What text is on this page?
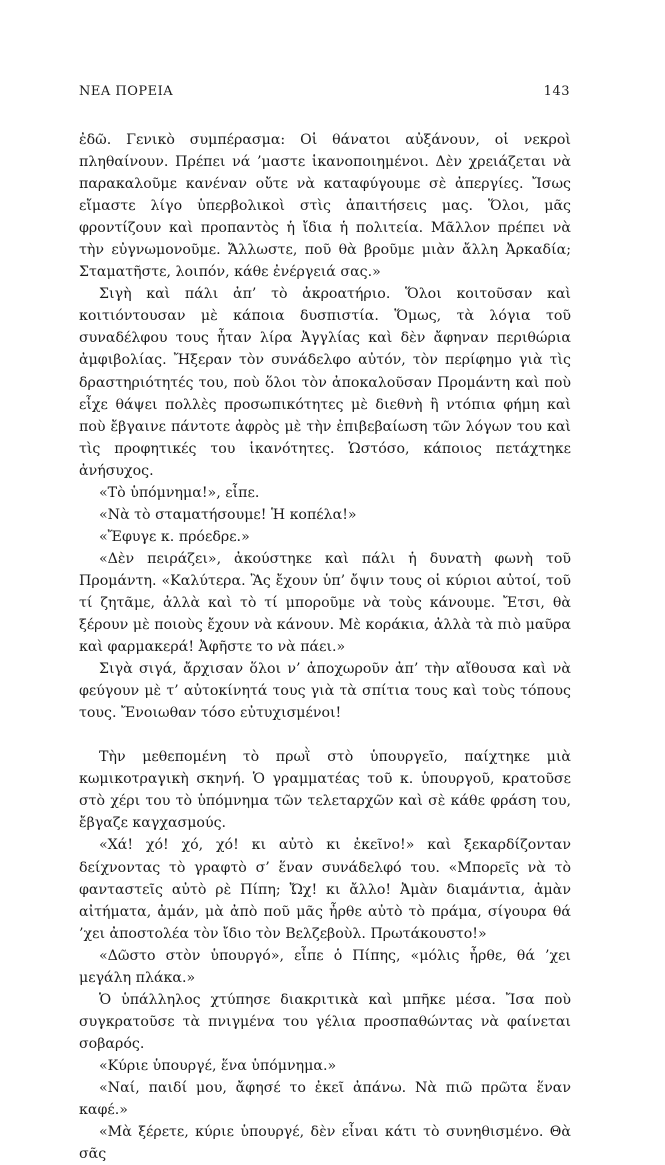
ΝΕΑ ΠΟΡΕΙΑ	143

ἐδῶ. Γενικὸ συμπέρασμα: Οἱ θάνατοι αὐξάνουν, οἱ νεκροὶ πληθαίνουν. Πρέπει νά ’μαστε ἱκανοποιημένοι. Δὲν χρειάζεται νὰ παρακαλοῦμε κανέναν οὔτε νὰ καταφύγουμε σὲ ἀπεργίες. Ἴσως εἴμαστε λίγο ὑπερβολικοὶ στὶς ἀπαιτήσεις μας. Ὅλοι, μᾶς φροντίζουν καὶ προπαντὸς ἡ ἴδια ἡ πολιτεία. Μᾶλλον πρέπει νὰ τὴν εὐγνωμονοῦμε. Ἄλλωστε, ποῦ θὰ βροῦμε μιὰν ἄλλη Ἀρκαδία; Σταματῆστε, λοιπόν, κάθε ἐνέργειά σας.»

Σιγὴ καὶ πάλι ἀπ’ τὸ ἀκροατήριο. Ὅλοι κοιτοῦσαν καὶ κοιτιόντουσαν μὲ κάποια δυσπιστία. Ὅμως, τὰ λόγια τοῦ συναδέλφου τους ἦταν λίρα Ἀγγλίας καὶ δὲν ἄφηναν περιθώρια ἀμφιβολίας. Ἤξεραν τὸν συνάδελφο αὐτόν, τὸν περίφημο γιὰ τὶς δραστηριότητές του, ποὺ ὅλοι τὸν ἀποκαλοῦσαν Προμάντη καὶ ποὺ εἶχε θάψει πολλὲς προσωπικότητες μὲ διεθνὴ ἢ ντόπια φήμη καὶ ποὺ ἔβγαινε πάντοτε ἀφρὸς μὲ τὴν ἐπιβεβαίωση τῶν λόγων του καὶ τὶς προφητικές του ἱκανότητες. Ὡστόσο, κάποιος πετάχτηκε ἀνήσυχος.

«Τὸ ὑπόμνημα!», εἶπε.

«Νὰ τὸ σταματήσουμε! Ἡ κοπέλα!»

«Ἔφυγε κ. πρόεδρε.»

«Δὲν πειράζει», ἀκούστηκε καὶ πάλι ἡ δυνατὴ φωνὴ τοῦ Προμάντη. «Καλύτερα. Ἂς ἔχουν ὑπ’ ὄψιν τους οἱ κύριοι αὐτοί, τοῦ τί ζητᾶμε, ἀλλὰ καὶ τὸ τί μποροῦμε νὰ τοὺς κάνουμε. Ἔτσι, θὰ ξέρουν μὲ ποιοὺς ἔχουν νὰ κάνουν. Μὲ κοράκια, ἀλλὰ τὰ πιὸ μαῦρα καὶ φαρμακερά! Ἀφῆστε το νὰ πάει.»

Σιγὰ σιγά, ἄρχισαν ὅλοι ν’ ἀποχωροῦν ἀπ’ τὴν αἴθουσα καὶ νὰ φεύγουν μὲ τ’ αὐτοκίνητά τους γιὰ τὰ σπίτια τους καὶ τοὺς τόπους τους. Ἔνοιωθαν τόσο εὐτυχισμένοι!

Τὴν μεθεπομένη τὸ πρωῒ στὸ ὑπουργεῖο, παίχτηκε μιὰ κωμικοτραγικὴ σκηνή. Ὁ γραμματέας τοῦ κ. ὑπουργοῦ, κρατοῦσε στὸ χέρι του τὸ ὑπόμνημα τῶν τελεταρχῶν καὶ σὲ κάθε φράση του, ἔβγαζε καγχασμούς.

«Χά! χό! χό, χό! κι αὐτὸ κι ἐκεῖνο!» καὶ ξεκαρδίζονταν δείχνοντας τὸ γραφτὸ σ’ ἕναν συνάδελφό του. «Μπορεῖς νὰ τὸ φανταστεῖς αὐτὸ ρὲ Πίπη; Ὤχ! κι ἄλλο! Ἀμὰν διαμάντια, ἀμὰν αἰτήματα, ἀμάν, μὰ ἀπὸ ποῦ μᾶς ἦρθε αὐτὸ τὸ πράμα, σίγουρα θά ’χει ἀποστολέα τὸν ἴδιο τὸν Βελζεβοὺλ. Πρωτάκουστο!»

«Δῶστο στὸν ὑπουργό», εἶπε ὁ Πίπης, «μόλις ἦρθε, θά ’χει μεγάλη πλάκα.»

Ὁ ὑπάλληλος χτύπησε διακριτικὰ καὶ μπῆκε μέσα. Ἴσα ποὺ συγκρατοῦσε τὰ πνιγμένα του γέλια προσπαθώντας νὰ φαίνεται σοβαρός.

«Κύριε ὑπουργέ, ἕνα ὑπόμνημα.»

«Ναί, παιδί μου, ἄφησέ το ἐκεῖ ἀπάνω. Νὰ πιῶ πρῶτα ἕναν καφέ.»

«Μὰ ξέρετε, κύριε ὑπουργέ, δὲν εἶναι κάτι τὸ συνηθισμένο. Θὰ σᾶς
